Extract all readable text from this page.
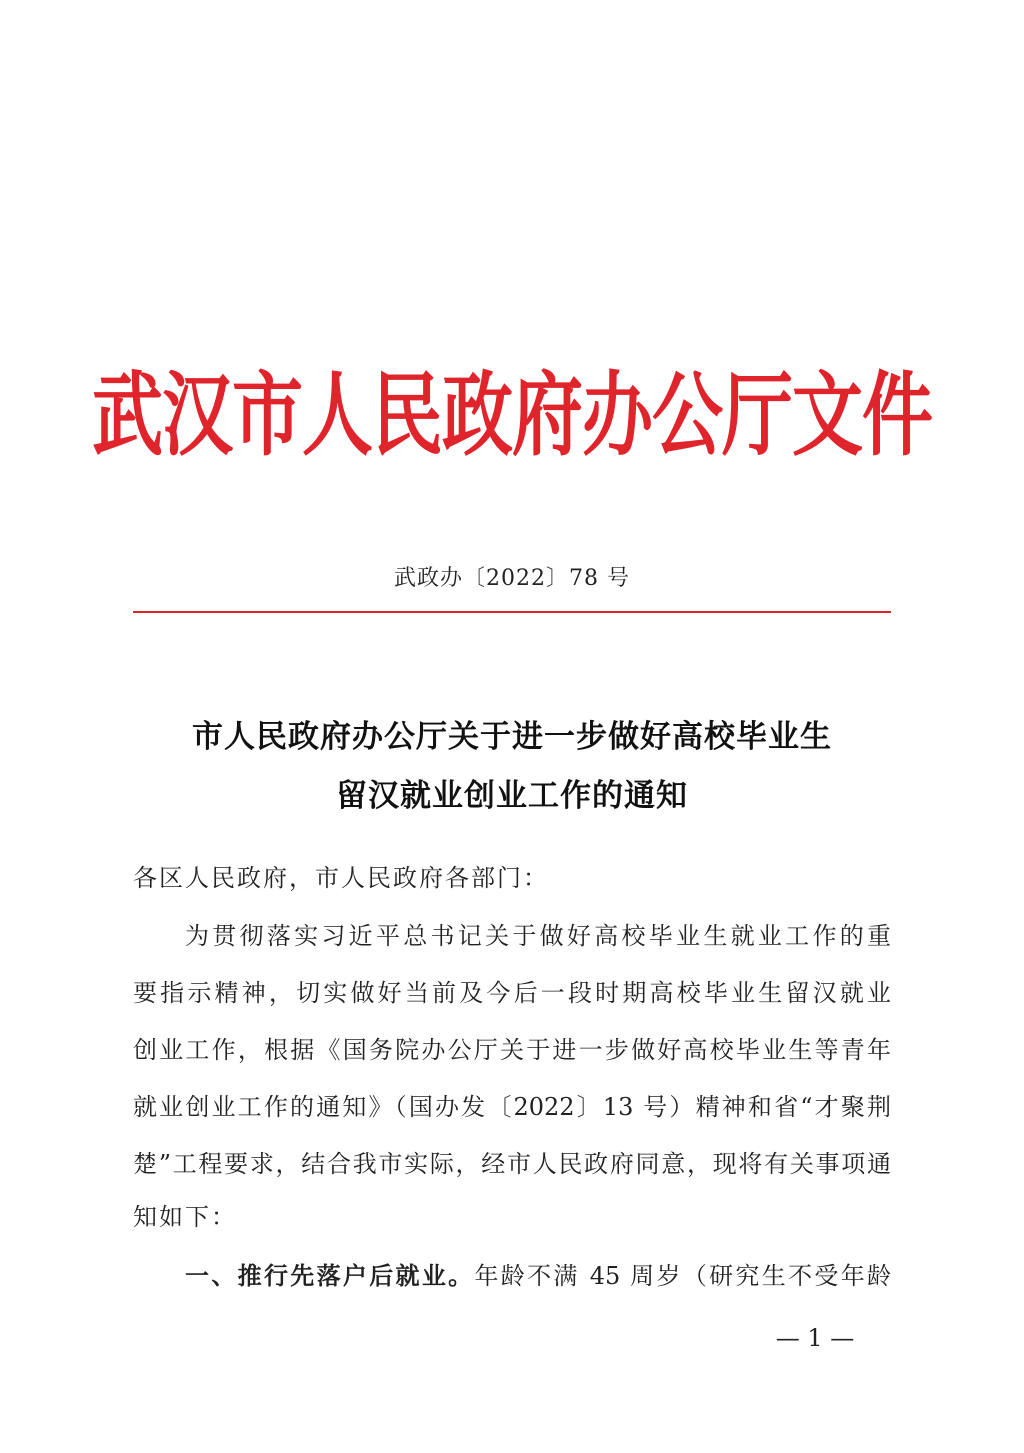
武汉市人民政府办公厅文件
武政办〔2022〕78 号
市人民政府办公厅关于进一步做好高校毕业生
留汉就业创业工作的通知
各区人民政府，市人民政府各部门：
为贯彻落实习近平总书记关于做好高校毕业生就业工作的重
要指示精神，切实做好当前及今后一段时期高校毕业生留汉就业
创业工作，根据《国务院办公厅关于进一步做好高校毕业生等青年
就业创业工作的通知》（国办发〔2022〕13 号）精神和省“才聚荆
楚”工程要求，结合我市实际，经市人民政府同意，现将有关事项通
知如下：
一、推行先落户后就业。年龄不满 45 周岁（研究生不受年龄
— 1 —
